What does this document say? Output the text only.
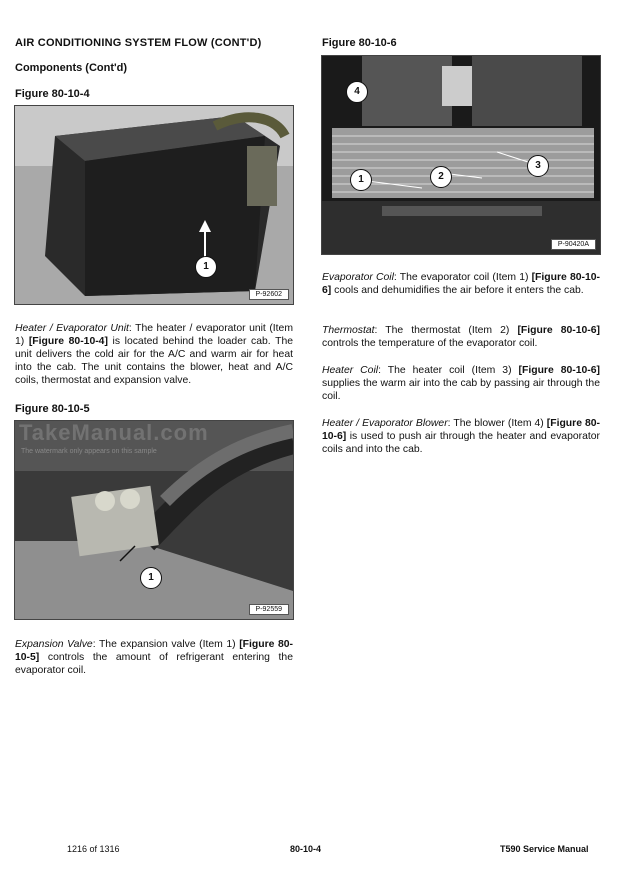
AIR CONDITIONING SYSTEM FLOW (CONT'D)
Components (Cont'd)
Figure 80-10-4
1
P-92602
Heater / Evaporator Unit: The heater / evaporator unit (Item 1) [Figure 80-10-4] is located behind the loader cab. The unit delivers the cold air for the A/C and warm air for heat into the cab. The unit contains the blower, heat and A/C coils, thermostat and expansion valve.
Figure 80-10-5
TakeManual.com
The watermark only appears on this sample
1
P-92559
Expansion Valve: The expansion valve (Item 1) [Figure 80-10-5] controls the amount of refrigerant entering the evaporator coil.
Figure 80-10-6
4
3
2
1
P-90420A
Evaporator Coil: The evaporator coil (Item 1) [Figure 80-10-6] cools and dehumidifies the air before it enters the cab.
Thermostat: The thermostat (Item 2) [Figure 80-10-6] controls the temperature of the evaporator coil.
Heater Coil: The heater coil (Item 3) [Figure 80-10-6] supplies the warm air into the cab by passing air through the coil.
Heater / Evaporator Blower: The blower (Item 4) [Figure 80-10-6] is used to push air through the heater and evaporator coils and into the cab.
1216 of 1316	80-10-4	T590 Service Manual
